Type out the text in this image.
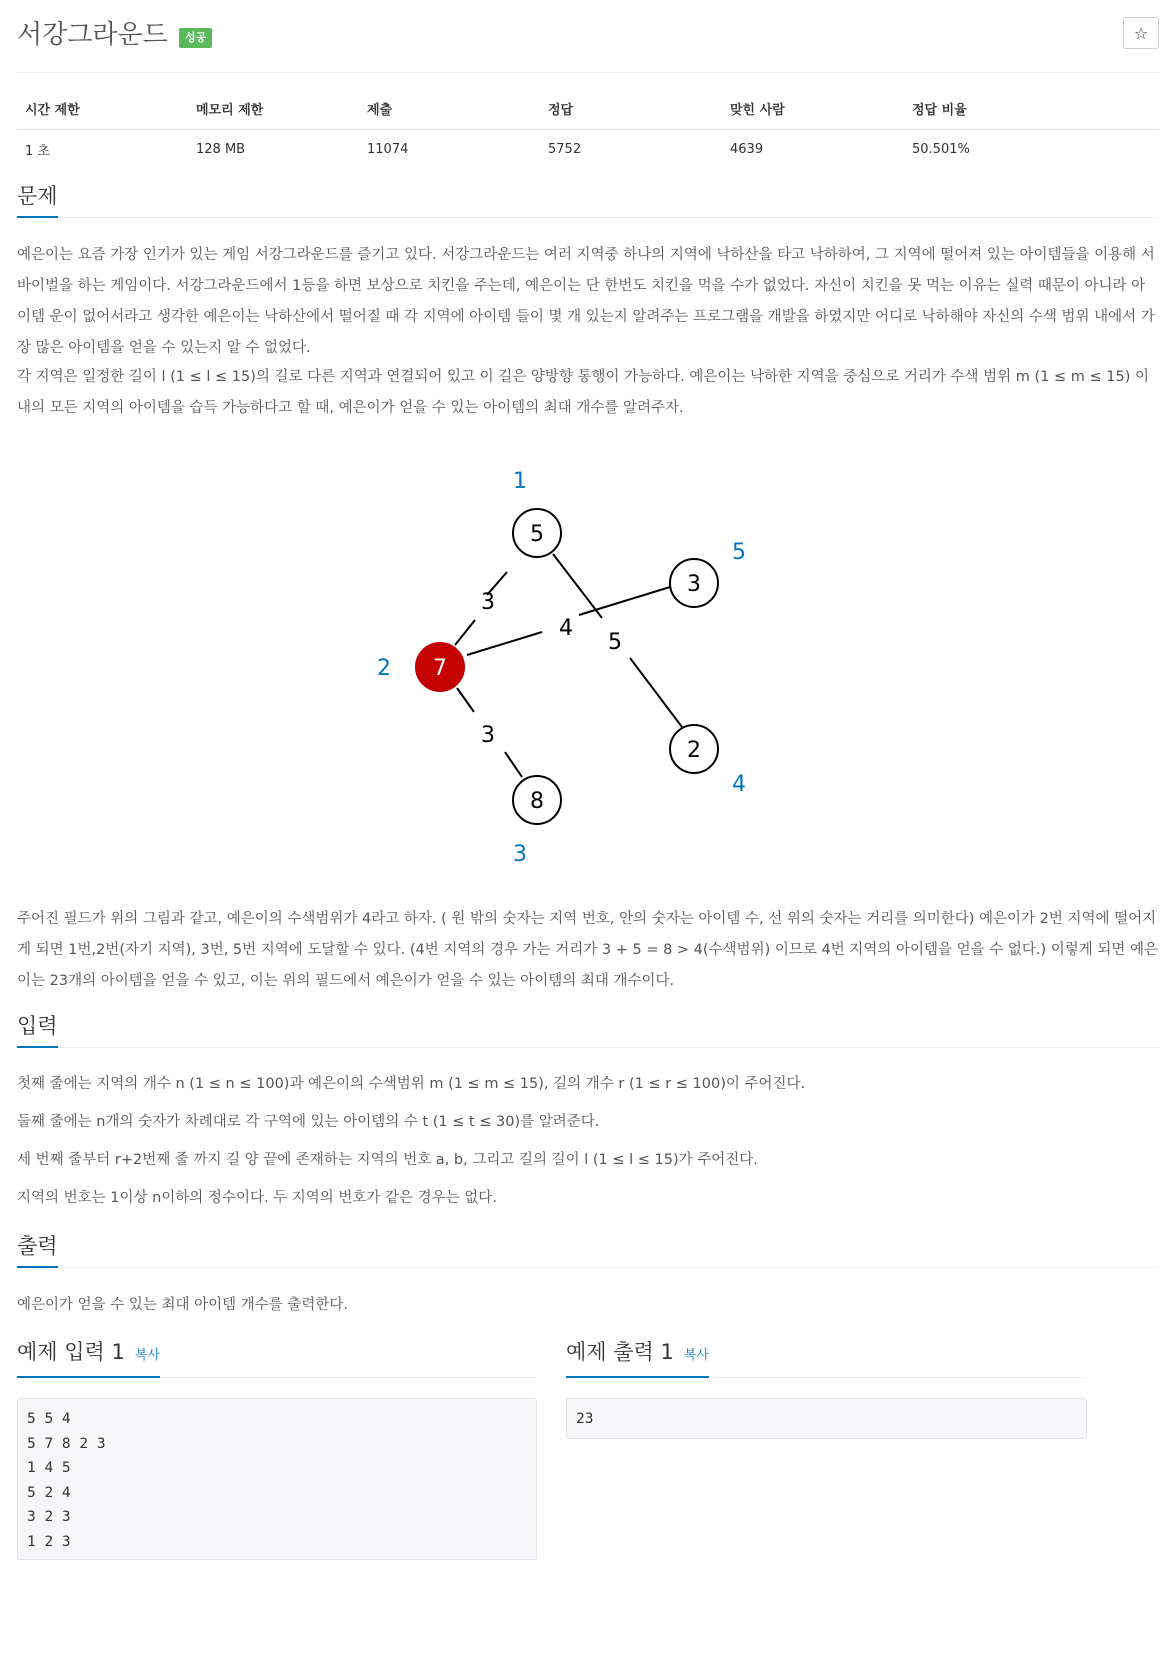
서강그라운드	성공	☆
시간 제한	메모리 제한	제출	정답	맞힌 사람	정답 비율
1 초	128 MB	11074	5752	4639	50.501%
문제

예은이는 요즘 가장 인기가 있는 게임 서강그라운드를 즐기고 있다. 서강그라운드는 여러 지역중 하나의 지역에 낙하산을 타고 낙하하여, 그 지역에 떨어져 있는 아이템들을 이용해 서바이벌을 하는 게임이다. 서강그라운드에서 1등을 하면 보상으로 치킨을 주는데, 예은이는 단 한번도 치킨을 먹을 수가 없었다. 자신이 치킨을 못 먹는 이유는 실력 때문이 아니라 아이템 운이 없어서라고 생각한 예은이는 낙하산에서 떨어질 때 각 지역에 아이템 들이 몇 개 있는지 알려주는 프로그램을 개발을 하였지만 어디로 낙하해야 자신의 수색 범위 내에서 가장 많은 아이템을 얻을 수 있는지 알 수 없었다.

각 지역은 일정한 길이 l (1 ≤ l ≤ 15)의 길로 다른 지역과 연결되어 있고 이 길은 양방향 통행이 가능하다. 예은이는 낙하한 지역을 중심으로 거리가 수색 범위 m (1 ≤ m ≤ 15) 이내의 모든 지역의 아이템을 습득 가능하다고 할 때, 예은이가 얻을 수 있는 아이템의 최대 개수를 알려주자.

3
4
5
3
5
7
8
2
3
1
2
3
4
5

주어진 필드가 위의 그림과 같고, 예은이의 수색범위가 4라고 하자. ( 원 밖의 숫자는 지역 번호, 안의 숫자는 아이템 수, 선 위의 숫자는 거리를 의미한다) 예은이가 2번 지역에 떨어지게 되면 1번,2번(자기 지역), 3번, 5번 지역에 도달할 수 있다. (4번 지역의 경우 가는 거리가 3 + 5 = 8 > 4(수색범위) 이므로 4번 지역의 아이템을 얻을 수 없다.) 이렇게 되면 예은이는 23개의 아이템을 얻을 수 있고, 이는 위의 필드에서 예은이가 얻을 수 있는 아이템의 최대 개수이다.

입력

첫째 줄에는 지역의 개수 n (1 ≤ n ≤ 100)과 예은이의 수색범위 m (1 ≤ m ≤ 15), 길의 개수 r (1 ≤ r ≤ 100)이 주어진다.

둘째 줄에는 n개의 숫자가 차례대로 각 구역에 있는 아이템의 수 t (1 ≤ t ≤ 30)를 알려준다.

세 번째 줄부터 r+2번째 줄 까지 길 양 끝에 존재하는 지역의 번호 a, b, 그리고 길의 길이 l (1 ≤ l ≤ 15)가 주어진다.

지역의 번호는 1이상 n이하의 정수이다. 두 지역의 번호가 같은 경우는 없다.

출력

예은이가 얻을 수 있는 최대 아이템 개수를 출력한다.

예제 입력 1 복사	예제 출력 1 복사
5 5 4
5 7 8 2 3
1 4 5
5 2 4
3 2 3
1 2 3
23
